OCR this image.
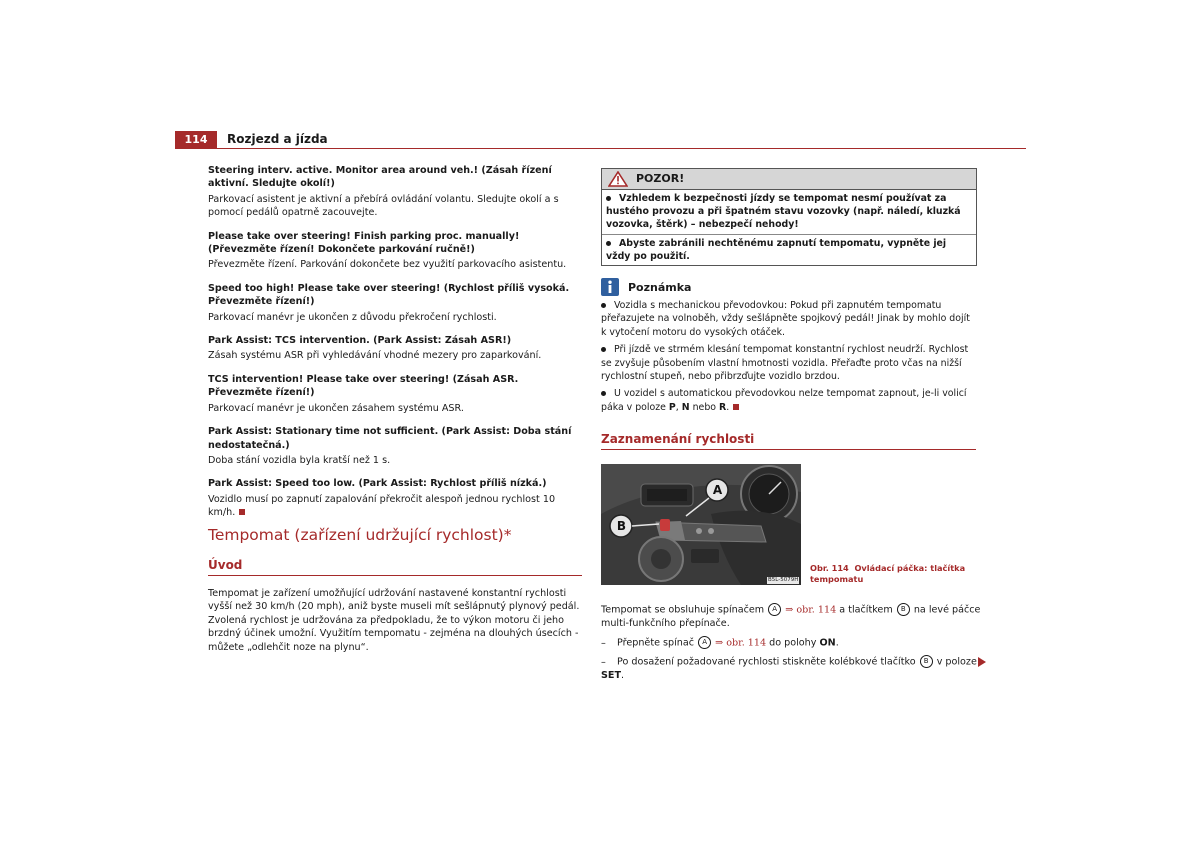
114	Rozjezd a jízda

Steering interv. active. Monitor area around veh.! (Zásah řízení aktivní. Sledujte okolí!)

Parkovací asistent je aktivní a přebírá ovládání volantu. Sledujte okolí a s pomocí pedálů opatrně zacouvejte.

Please take over steering! Finish parking proc. manually! (Převezměte řízení! Dokončete parkování ručně!)

Převezměte řízení. Parkování dokončete bez využití parkovacího asistentu.

Speed too high! Please take over steering! (Rychlost příliš vysoká. Převezměte řízení!)

Parkovací manévr je ukončen z důvodu překročení rychlosti.

Park Assist: TCS intervention. (Park Assist: Zásah ASR!)

Zásah systému ASR při vyhledávání vhodné mezery pro zaparkování.

TCS intervention! Please take over steering! (Zásah ASR. Převezměte řízení!)

Parkovací manévr je ukončen zásahem systému ASR.

Park Assist: Stationary time not sufficient. (Park Assist: Doba stání nedostatečná.)

Doba stání vozidla byla kratší než 1 s.

Park Assist: Speed too low. (Park Assist: Rychlost příliš nízká.)

Vozidlo musí po zapnutí zapalování překročit alespoň jednou rychlost 10 km/h.

Tempomat (zařízení udržující rychlost)*
Úvod

Tempomat je zařízení umožňující udržování nastavené konstantní rychlosti vyšší než 30 km/h (20 mph), aniž byste museli mít sešlápnutý plynový pedál. Zvolená rychlost je udržována za předpokladu, že to výkon motoru či jeho brzdný účinek umožní. Využitím tempomatu - zejména na dlouhých úsecích - můžete „odlehčit noze na plynu“.

POZOR!
Vzhledem k bezpečnosti jízdy se tempomat nesmí používat za hustého provozu a při špatném stavu vozovky (např. náledí, kluzká vozovka, štěrk) – nebezpečí nehody!
Abyste zabránili nechtěnému zapnutí tempomatu, vypněte jej vždy po použití.
Poznámka

Vozidla s mechanickou převodovkou: Pokud při zapnutém tempomatu přeřazujete na volnoběh, vždy sešlápněte spojkový pedál! Jinak by mohlo dojít k vytočení motoru do vysokých otáček.

Při jízdě ve strmém klesání tempomat konstantní rychlost neudrží. Rychlost se zvyšuje působením vlastní hmotnosti vozidla. Přeřaďte proto včas na nižší rychlostní stupeň, nebo přibrzďujte vozidlo brzdou.

U vozidel s automatickou převodovkou nelze tempomat zapnout, je-li volicí páka v poloze P, N nebo R.

Zaznamenání rychlosti
A
B
B5L-5079H
Obr. 114 Ovládací páčka: tlačítka tempomatu

Tempomat se obsluhuje spínačem A ⇒ obr. 114 a tlačítkem B na levé páčce multi-funkčního přepínače.

– Přepněte spínač A ⇒ obr. 114 do polohy ON.

– Po dosažení požadované rychlosti stiskněte kolébkové tlačítko B v poloze SET.
